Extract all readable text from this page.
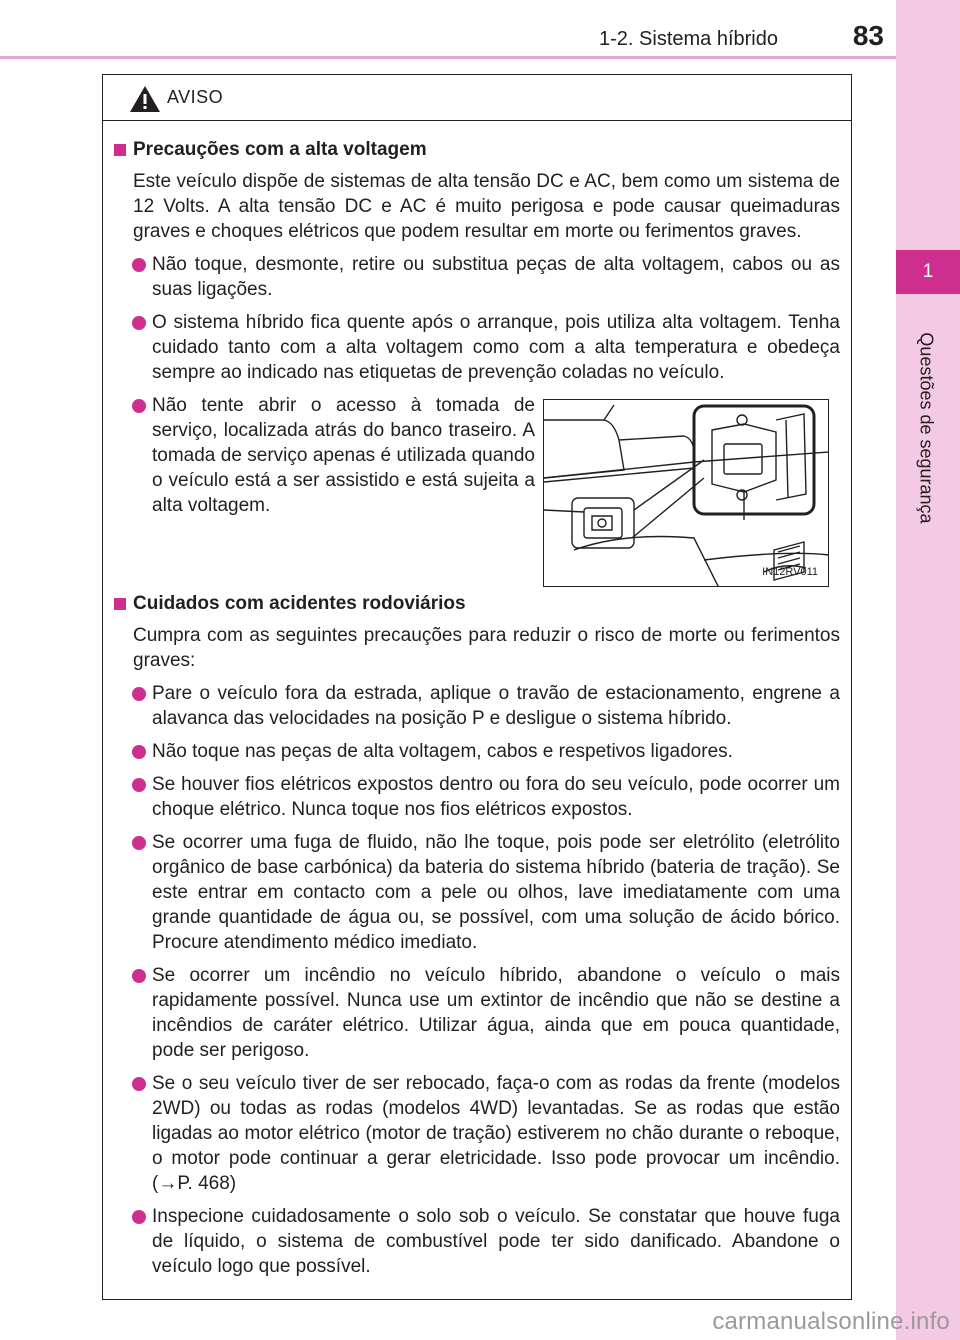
1
Questões de segurança
1-2. Sistema híbrido	83
AVISO
Precauções com a alta voltagem

Este veículo dispõe de sistemas de alta tensão DC e AC, bem como um sistema de 12 Volts. A alta tensão DC e AC é muito perigosa e pode causar queimaduras graves e choques elétricos que podem resultar em morte ou ferimentos graves.

Não toque, desmonte, retire ou substitua peças de alta voltagem, cabos ou as suas ligações.
O sistema híbrido fica quente após o arranque, pois utiliza alta voltagem. Tenha cuidado tanto com a alta voltagem como com a alta temperatura e obedeça sempre ao indicado nas etiquetas de prevenção coladas no veículo.
Não tente abrir o acesso à tomada de serviço, localizada atrás do banco traseiro. A tomada de serviço apenas é utilizada quando o veículo está a ser assistido e está sujeita a alta voltagem.
IN12RV011
Cuidados com acidentes rodoviários

Cumpra com as seguintes precauções para reduzir o risco de morte ou ferimentos graves:

Pare o veículo fora da estrada, aplique o travão de estacionamento, engrene a alavanca das velocidades na posição P e desligue o sistema híbrido.
Não toque nas peças de alta voltagem, cabos e respetivos ligadores.
Se houver fios elétricos expostos dentro ou fora do seu veículo, pode ocorrer um choque elétrico. Nunca toque nos fios elétricos expostos.
Se ocorrer uma fuga de fluido, não lhe toque, pois pode ser eletrólito (eletrólito orgânico de base carbónica) da bateria do sistema híbrido (bateria de tração). Se este entrar em contacto com a pele ou olhos, lave imediatamente com uma grande quantidade de água ou, se possível, com uma solução de ácido bórico. Procure atendimento médico imediato.
Se ocorrer um incêndio no veículo híbrido, abandone o veículo o mais rapidamente possível. Nunca use um extintor de incêndio que não se destine a incêndios de caráter elétrico. Utilizar água, ainda que em pouca quantidade, pode ser perigoso.
Se o seu veículo tiver de ser rebocado, faça-o com as rodas da frente (modelos 2WD) ou todas as rodas (modelos 4WD) levantadas. Se as rodas que estão ligadas ao motor elétrico (motor de tração) estiverem no chão durante o reboque, o motor pode continuar a gerar eletricidade. Isso pode provocar um incêndio. (→P. 468)
Inspecione cuidadosamente o solo sob o veículo. Se constatar que houve fuga de líquido, o sistema de combustível pode ter sido danificado. Abandone o veículo logo que possível.
carmanualsonline.info
